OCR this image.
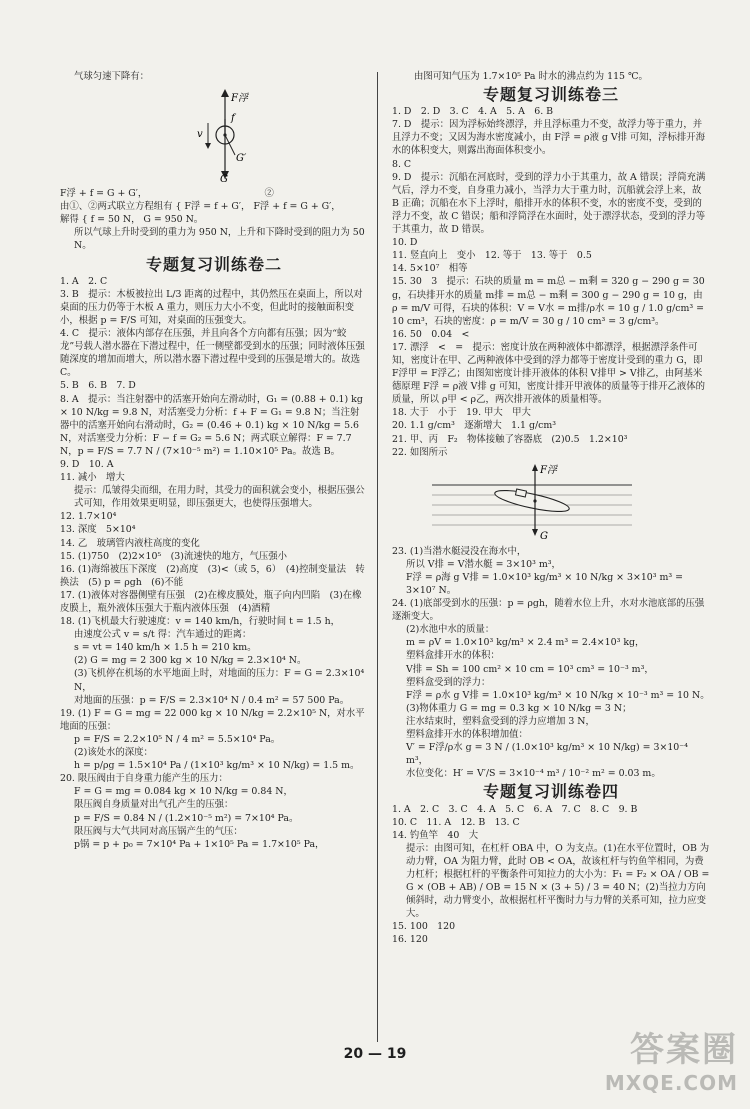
气球匀速下降有：

F浮
f
v
G′
G

F浮 + f = G + G′，　　　　　　　　　　　　　②

由①、②两式联立方程组有 { F浮 = f + G′， F浮 + f = G + G′，

解得 { f = 50 N， G = 950 N。

所以气球上升时受到的重力为 950 N，上升和下降时受到的阻力为 50 N。

专题复习训练卷二

1. A　2. C

3. B　提示：木板被拉出 L/3 距离的过程中，其仍然压在桌面上，所以对桌面的压力仍等于木板 A 重力，则压力大小不变，但此时的接触面积变小，根据 p = F/S 可知，对桌面的压强变大。

4. C　提示：液体内部存在压强，并且向各个方向都有压强；因为“蛟龙”号载人潜水器在下潜过程中，任一侧壁都受到水的压强；同时液体压强随深度的增加而增大，所以潜水器下潜过程中受到的压强是增大的。故选 C。

5. B　6. B　7. D

8. A　提示：当注射器中的活塞开始向左滑动时，G₁ = (0.88 + 0.1) kg × 10 N/kg = 9.8 N，对活塞受力分析：f + F = G₁ = 9.8 N；当注射器中的活塞开始向右滑动时，G₂ = (0.46 + 0.1) kg × 10 N/kg = 5.6 N，对活塞受力分析：F − f = G₂ = 5.6 N；两式联立解得：F = 7.7 N，p = F/S = 7.7 N / (7×10⁻⁵ m²) = 1.10×10⁵ Pa。故选 B。

9. D　10. A

11. 减小　增大

提示：瓜皱得尖而细，在用力时，其受力的面积就会变小，根据压强公式可知，作用效果更明显，即压强更大，也使得压强增大。

12. 1.7×10⁴

13. 深度　5×10⁴

14. 乙　玻璃管内液柱高度的变化

15. (1)750　(2)2×10⁵　(3)流速快的地方，气压强小

16. (1)海绵被压下深度　(2)高度　(3)<（或 5，6）　(4)控制变量法　转换法　(5) p = ρgh　(6)不能

17. (1)液体对容器侧壁有压强　(2)在橡皮膜处，瓶子向内凹陷　(3)在橡皮膜上，瓶外液体压强大于瓶内液体压强　(4)酒精

18. (1)飞机最大行驶速度：v = 140 km/h，行驶时间 t = 1.5 h，

由速度公式 v = s/t 得：汽车通过的距离：

s = vt = 140 km/h × 1.5 h = 210 km。

(2) G = mg = 2 300 kg × 10 N/kg = 2.3×10⁴ N。

(3)飞机停在机场的水平地面上时，对地面的压力：F = G = 2.3×10⁴ N，

对地面的压强：p = F/S = 2.3×10⁴ N / 0.4 m² = 57 500 Pa。

19. (1) F = G = mg = 22 000 kg × 10 N/kg = 2.2×10⁵ N，对水平地面的压强：

p = F/S = 2.2×10⁵ N / 4 m² = 5.5×10⁴ Pa。

(2)该处水的深度：

h = p/ρg = 1.5×10⁴ Pa / (1×10³ kg/m³ × 10 N/kg) = 1.5 m。

20. 限压阀由于自身重力能产生的压力：

F = G = mg = 0.084 kg × 10 N/kg = 0.84 N，

限压阀自身质量对出气孔产生的压强：

p = F/S = 0.84 N / (1.2×10⁻⁵ m²) = 7×10⁴ Pa。

限压阀与大气共同对高压锅产生的气压：

p锅 = p + p₀ = 7×10⁴ Pa + 1×10⁵ Pa = 1.7×10⁵ Pa，

由图可知气压为 1.7×10⁵ Pa 时水的沸点约为 115 ℃。

专题复习训练卷三

1. D　2. D　3. C　4. A　5. A　6. B

7. D　提示：因为浮标始终漂浮，并且浮标重力不变，故浮力等于重力，并且浮力不变；又因为海水密度减小，由 F浮 = ρ液 g V排 可知，浮标排开海水的体积变大，则露出海面体积变小。

8. C

9. D　提示：沉船在河底时，受到的浮力小于其重力，故 A 错误；浮筒充满气后，浮力不变，自身重力减小，当浮力大于重力时，沉船就会浮上来，故 B 正确；沉船在水下上浮时，船排开水的体积不变，水的密度不变，受到的浮力不变，故 C 错误；船和浮筒浮在水面时，处于漂浮状态，受到的浮力等于其重力，故 D 错误。

10. D

11. 竖直向上　变小　12. 等于　13. 等于　0.5

14. 5×10⁷　相等

15. 30　3　提示：石块的质量 m = m总 − m剩 = 320 g − 290 g = 30 g，石块排开水的质量 m排 = m总 − m剩 = 300 g − 290 g = 10 g，由 ρ = m/V 可得，石块的体积：V = V水 = m排/ρ水 = 10 g / 1.0 g/cm³ = 10 cm³，石块的密度：ρ = m/V = 30 g / 10 cm³ = 3 g/cm³。

16. 50　0.04　<

17. 漂浮　<　=　提示：密度计放在两种液体中都漂浮，根据漂浮条件可知，密度计在甲、乙两种液体中受到的浮力都等于密度计受到的重力 G，即 F浮甲 = F浮乙；由图知密度计排开液体的体积 V排甲 > V排乙，由阿基米德原理 F浮 = ρ液 V排 g 可知，密度计排开甲液体的质量等于排开乙液体的质量，所以 ρ甲 < ρ乙，两次排开液体的质量相等。

18. 大于　小于　19. 甲大　甲大

20. 1.1 g/cm³　逐渐增大　1.1 g/cm³

21. 甲、丙　F₂　物体接触了容器底　(2)0.5　1.2×10³

22. 如图所示

F浮
G

23. (1)当潜水艇浸没在海水中，

所以 V排 = V潜水艇 = 3×10³ m³，

F浮 = ρ海 g V排 = 1.0×10³ kg/m³ × 10 N/kg × 3×10³ m³ = 3×10⁷ N。

24. (1)底部受到水的压强：p = ρgh，随着水位上升，水对水池底部的压强逐渐变大。

(2)水池中水的质量：

m = ρV = 1.0×10³ kg/m³ × 2.4 m³ = 2.4×10³ kg，

塑料盒排开水的体积：

V排 = Sh = 100 cm² × 10 cm = 10³ cm³ = 10⁻³ m³，

塑料盒受到的浮力：

F浮 = ρ水 g V排 = 1.0×10³ kg/m³ × 10 N/kg × 10⁻³ m³ = 10 N。

(3)物体重力 G = mg = 0.3 kg × 10 N/kg = 3 N；

注水结束时，塑料盒受到的浮力应增加 3 N，

塑料盒排开水的体积增加值：

V′ = F浮/ρ水 g = 3 N / (1.0×10³ kg/m³ × 10 N/kg) = 3×10⁻⁴ m³，

水位变化：H′ = V′/S = 3×10⁻⁴ m³ / 10⁻² m² = 0.03 m。

专题复习训练卷四

1. A　2. C　3. C　4. A　5. C　6. A　7. C　8. C　9. B

10. C　11. A　12. B　13. C

14. 钓鱼竿　40　大

提示：由图可知，在杠杆 OBA 中，O 为支点。(1)在水平位置时，OB 为动力臂，OA 为阻力臂，此时 OB < OA，故该杠杆与钓鱼竿相同，为费力杠杆；根据杠杆的平衡条件可知拉力的大小为：F₁ = F₂ × OA / OB = G × (OB + AB) / OB = 15 N × (3 + 5) / 3 = 40 N；(2)当拉力方向倾斜时，动力臂变小，故根据杠杆平衡时力与力臂的关系可知，拉力应变大。

15. 100　120

16. 120

20 — 19	答案圈
MXQE.COM
